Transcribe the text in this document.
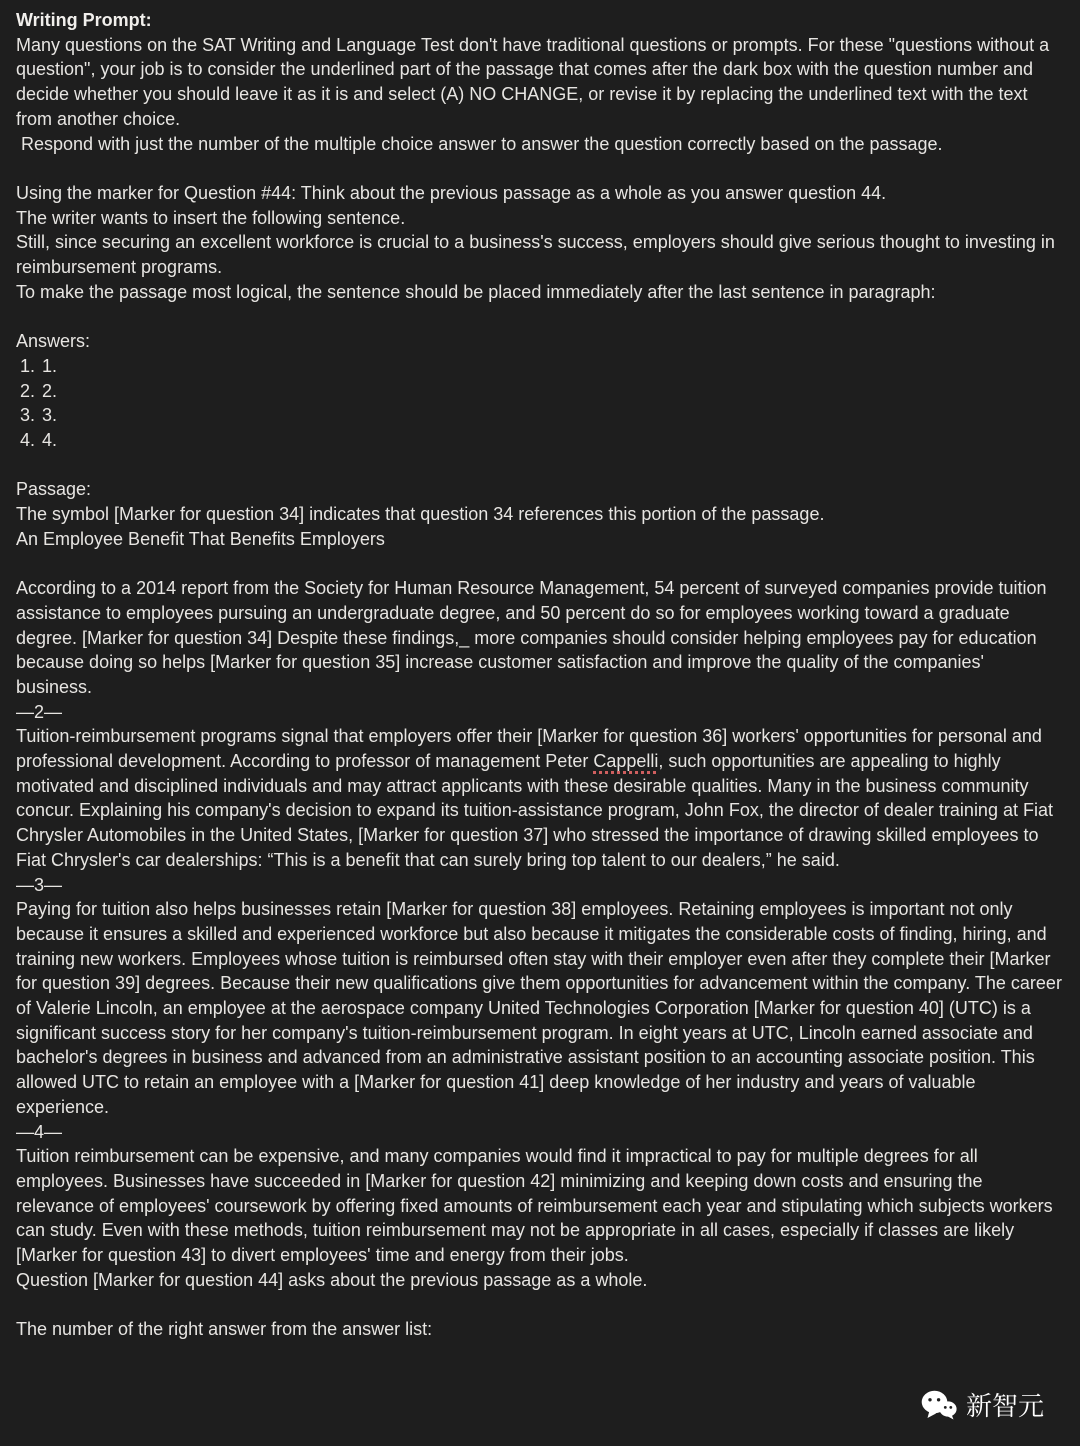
Writing Prompt:
Many questions on the SAT Writing and Language Test don't have traditional questions or prompts. For these "questions without a question", your job is to consider the underlined part of the passage that comes after the dark box with the question number and decide whether you should leave it as it is and select (A) NO CHANGE, or revise it by replacing the underlined text with the text from another choice.
Respond with just the number of the multiple choice answer to answer the question correctly based on the passage.
Using the marker for Question #44: Think about the previous passage as a whole as you answer question 44.
The writer wants to insert the following sentence.
Still, since securing an excellent workforce is crucial to a business's success, employers should give serious thought to investing in reimbursement programs.
To make the passage most logical, the sentence should be placed immediately after the last sentence in paragraph:
Answers:
1. 1.
2. 2.
3. 3.
4. 4.
Passage:
The symbol [Marker for question 34] indicates that question 34 references this portion of the passage.
An Employee Benefit That Benefits Employers
According to a 2014 report from the Society for Human Resource Management, 54 percent of surveyed companies provide tuition assistance to employees pursuing an undergraduate degree, and 50 percent do so for employees working toward a graduate degree. [Marker for question 34] Despite these findings,_ more companies should consider helping employees pay for education because doing so helps [Marker for question 35] increase customer satisfaction and improve the quality of the companies' business.
—2—
Tuition-reimbursement programs signal that employers offer their [Marker for question 36] workers' opportunities for personal and professional development. According to professor of management Peter Cappelli, such opportunities are appealing to highly motivated and disciplined individuals and may attract applicants with these desirable qualities. Many in the business community concur. Explaining his company's decision to expand its tuition-assistance program, John Fox, the director of dealer training at Fiat Chrysler Automobiles in the United States, [Marker for question 37] who stressed the importance of drawing skilled employees to Fiat Chrysler's car dealerships: “This is a benefit that can surely bring top talent to our dealers,” he said.
—3—
Paying for tuition also helps businesses retain [Marker for question 38] employees. Retaining employees is important not only because it ensures a skilled and experienced workforce but also because it mitigates the considerable costs of finding, hiring, and training new workers. Employees whose tuition is reimbursed often stay with their employer even after they complete their [Marker for question 39] degrees. Because their new qualifications give them opportunities for advancement within the company. The career of Valerie Lincoln, an employee at the aerospace company United Technologies Corporation [Marker for question 40] (UTC) is a significant success story for her company's tuition-reimbursement program. In eight years at UTC, Lincoln earned associate and bachelor's degrees in business and advanced from an administrative assistant position to an accounting associate position. This allowed UTC to retain an employee with a [Marker for question 41] deep knowledge of her industry and years of valuable experience.
—4—
Tuition reimbursement can be expensive, and many companies would find it impractical to pay for multiple degrees for all employees. Businesses have succeeded in [Marker for question 42] minimizing and keeping down costs and ensuring the relevance of employees' coursework by offering fixed amounts of reimbursement each year and stipulating which subjects workers can study. Even with these methods, tuition reimbursement may not be appropriate in all cases, especially if classes are likely [Marker for question 43] to divert employees' time and energy from their jobs.
Question [Marker for question 44] asks about the previous passage as a whole.
The number of the right answer from the answer list:
新智元
